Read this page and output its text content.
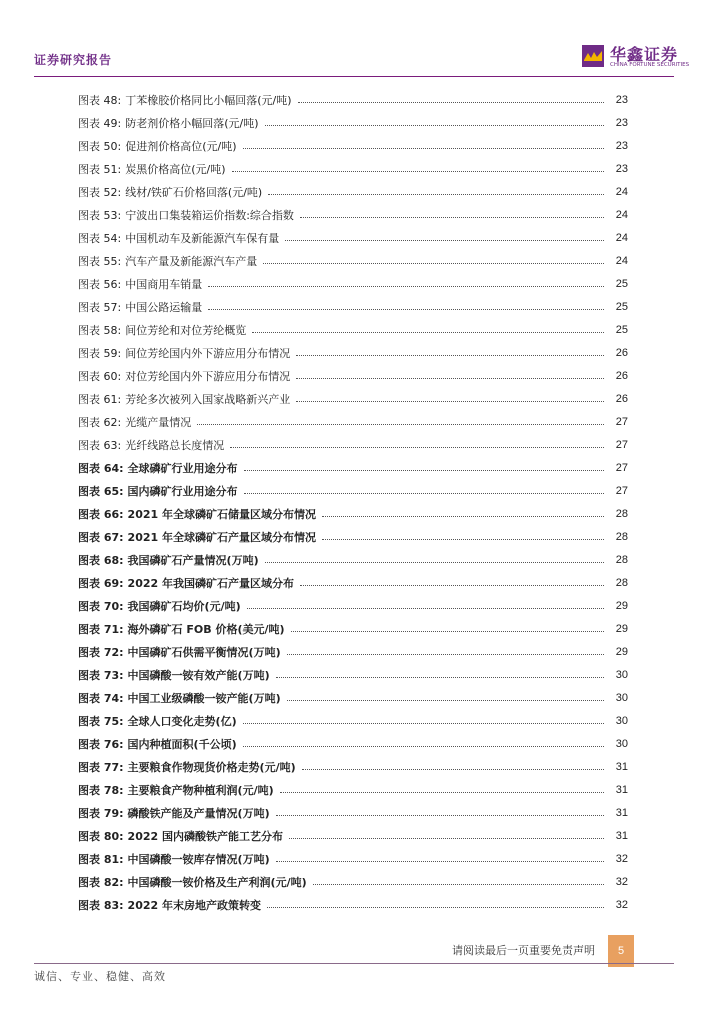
证券研究报告	华鑫证券
CHINA FORTUNE SECURITIES
图表 48: 丁苯橡胶价格同比小幅回落(元/吨)	23
图表 49: 防老剂价格小幅回落(元/吨)	23
图表 50: 促进剂价格高位(元/吨)	23
图表 51: 炭黑价格高位(元/吨)	23
图表 52: 线材/铁矿石价格回落(元/吨)	24
图表 53: 宁波出口集装箱运价指数:综合指数	24
图表 54: 中国机动车及新能源汽车保有量	24
图表 55: 汽车产量及新能源汽车产量	24
图表 56: 中国商用车销量	25
图表 57: 中国公路运输量	25
图表 58: 间位芳纶和对位芳纶概览	25
图表 59: 间位芳纶国内外下游应用分布情况	26
图表 60: 对位芳纶国内外下游应用分布情况	26
图表 61: 芳纶多次被列入国家战略新兴产业	26
图表 62: 光缆产量情况	27
图表 63: 光纤线路总长度情况	27
图表 64: 全球磷矿行业用途分布	27
图表 65: 国内磷矿行业用途分布	27
图表 66: 2021 年全球磷矿石储量区域分布情况	28
图表 67: 2021 年全球磷矿石产量区域分布情况	28
图表 68: 我国磷矿石产量情况(万吨)	28
图表 69: 2022 年我国磷矿石产量区域分布	28
图表 70: 我国磷矿石均价(元/吨)	29
图表 71: 海外磷矿石 FOB 价格(美元/吨)	29
图表 72: 中国磷矿石供需平衡情况(万吨)	29
图表 73: 中国磷酸一铵有效产能(万吨)	30
图表 74: 中国工业级磷酸一铵产能(万吨)	30
图表 75: 全球人口变化走势(亿)	30
图表 76: 国内种植面积(千公顷)	30
图表 77: 主要粮食作物现货价格走势(元/吨)	31
图表 78: 主要粮食产物种植利润(元/吨)	31
图表 79: 磷酸铁产能及产量情况(万吨)	31
图表 80: 2022 国内磷酸铁产能工艺分布	31
图表 81: 中国磷酸一铵库存情况(万吨)	32
图表 82: 中国磷酸一铵价格及生产利润(元/吨)	32
图表 83: 2022 年末房地产政策转变	32
请阅读最后一页重要免责声明	5
诚信、专业、稳健、高效
